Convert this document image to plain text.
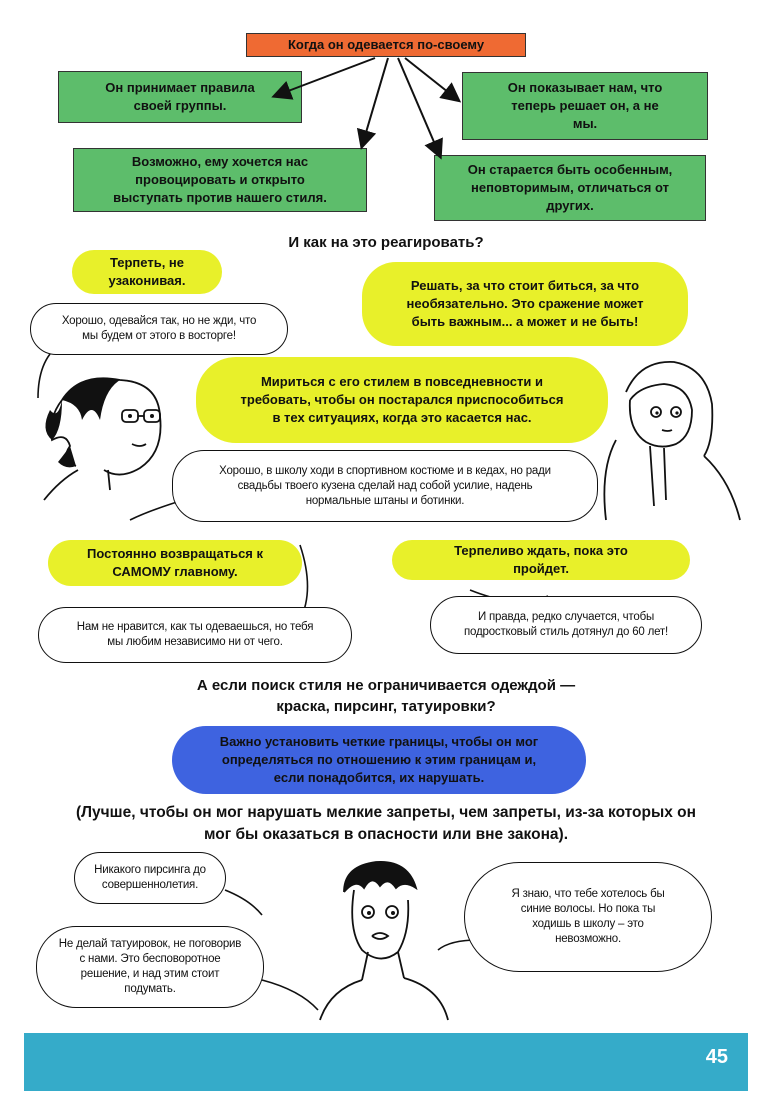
Когда он одевается по-своему
Он принимает правила своей группы.
Возможно, ему хочется нас провоцировать и открыто выступать против нашего стиля.
Он показывает нам, что теперь решает он, а не мы.
Он старается быть особенным, неповторимым, отличаться от других.
И как на это реагировать?
Терпеть, не узаконивая.	Решать, за что стоит биться, за что необязательно. Это сражение может быть важным... а может и не быть!
Мириться с его стилем в повседневности и требовать, чтобы он постарался приспособиться в тех ситуациях, когда это касается нас.
Постоянно возвращаться к САМОМУ главному.
Терпеливо ждать, пока это пройдет.
Хорошо, одевайся так, но не жди, что мы будем от этого в восторге!
Хорошо, в школу ходи в спортивном костюме и в кедах, но ради свадьбы твоего кузена сделай над собой усилие, надень нормальные штаны и ботинки.
Нам не нравится, как ты одеваешься, но тебя мы любим независимо ни от чего.
И правда, редко случается, чтобы подростковый стиль дотянул до 60 лет!
Никакого пирсинга до совершеннолетия.
Не делай татуировок, не поговорив с нами. Это бесповоротное решение, и над этим стоит подумать.
Я знаю, что тебе хотелось бы синие волосы. Но пока ты ходишь в школу – это невозможно.
А если поиск стиля не ограничивается одеждой — краска, пирсинг, татуировки?
Важно установить четкие границы, чтобы он мог определяться по отношению к этим границам и, если понадобится, их нарушать.
(Лучше, чтобы он мог нарушать мелкие запреты, чем запреты, из-за которых он мог бы оказаться в опасности или вне закона).
45
